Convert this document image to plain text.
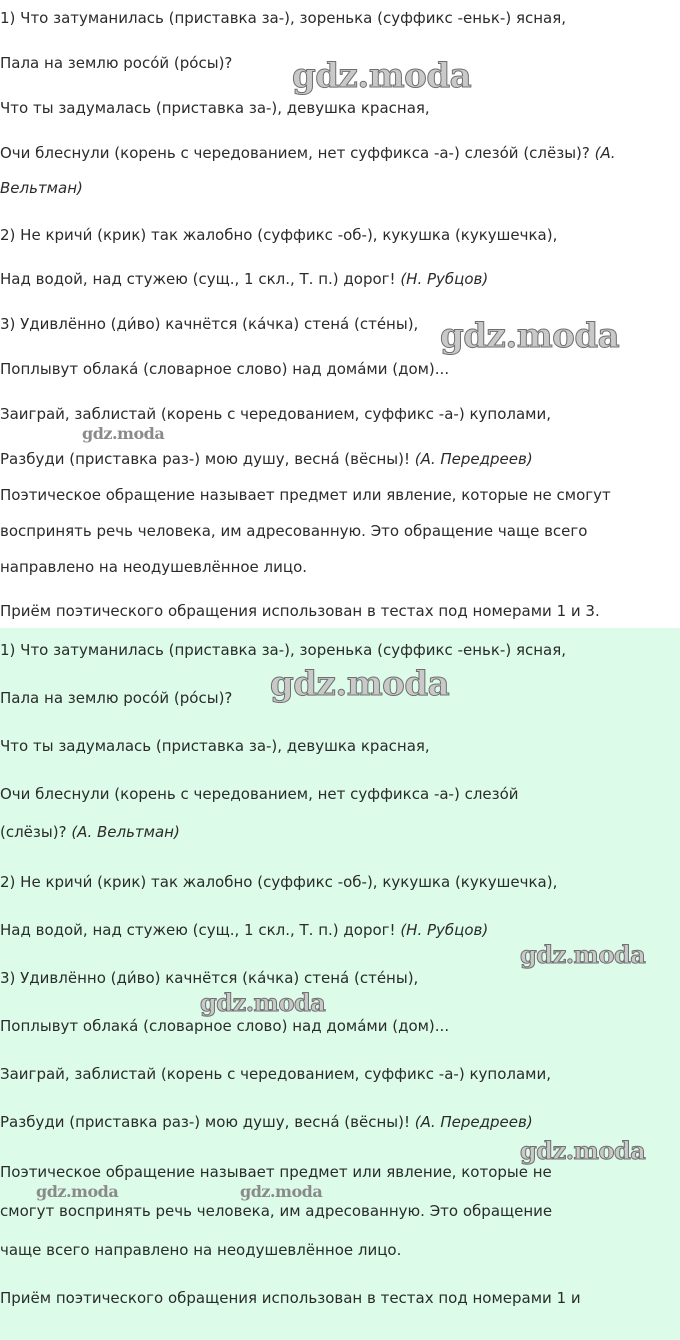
1) Что затуманилась (приставка за-), зоренька (суффикс -еньк-) ясная,
Пала на землю росóй (рóсы)?
Что ты задумалась (приставка за-), девушка красная,
Очи блеснули (корень с чередованием, нет суффикса -а-) слезóй (слёзы)? (А.
Вельтман)
2) Не кричи́ (крик) так жалобно (суффикс -об-), кукушка (кукушечка),
Над водой, над стужею (сущ., 1 скл., Т. п.) дорог! (Н. Рубцов)
3) Удивлённо (ди́во) качнётся (ка́чка) стена́ (сте́ны),
Поплывут облака́ (словарное слово) над дома́ми (дом)...
Заиграй, заблистай (корень с чередованием, суффикс -а-) куполами,
Разбуди (приставка раз-) мою душу, весна́ (вёсны)! (А. Передреев)
Поэтическое обращение называет предмет или явление, которые не смогут
воспринять речь человека, им адресованную. Это обращение чаще всего
направлено на неодушевлённое лицо.
Приём поэтического обращения использован в тестах под номерами 1 и 3.
1) Что затуманилась (приставка за-), зоренька (суффикс -еньк-) ясная,
Пала на землю росóй (рóсы)?
Что ты задумалась (приставка за-), девушка красная,
Очи блеснули (корень с чередованием, нет суффикса -а-) слезóй
(слёзы)? (А. Вельтман)
2) Не кричи́ (крик) так жалобно (суффикс -об-), кукушка (кукушечка),
Над водой, над стужею (сущ., 1 скл., Т. п.) дорог! (Н. Рубцов)
3) Удивлённо (ди́во) качнётся (ка́чка) стена́ (сте́ны),
Поплывут облака́ (словарное слово) над дома́ми (дом)...
Заиграй, заблистай (корень с чередованием, суффикс -а-) куполами,
Разбуди (приставка раз-) мою душу, весна́ (вёсны)! (А. Передреев)
Поэтическое обращение называет предмет или явление, которые не
смогут воспринять речь человека, им адресованную. Это обращение
чаще всего направлено на неодушевлённое лицо.
Приём поэтического обращения использован в тестах под номерами 1 и
gdz.moda
gdz.moda
gdz.moda
gdz.moda
gdz.moda
gdz.moda
gdz.moda
gdz.moda	gdz.moda
